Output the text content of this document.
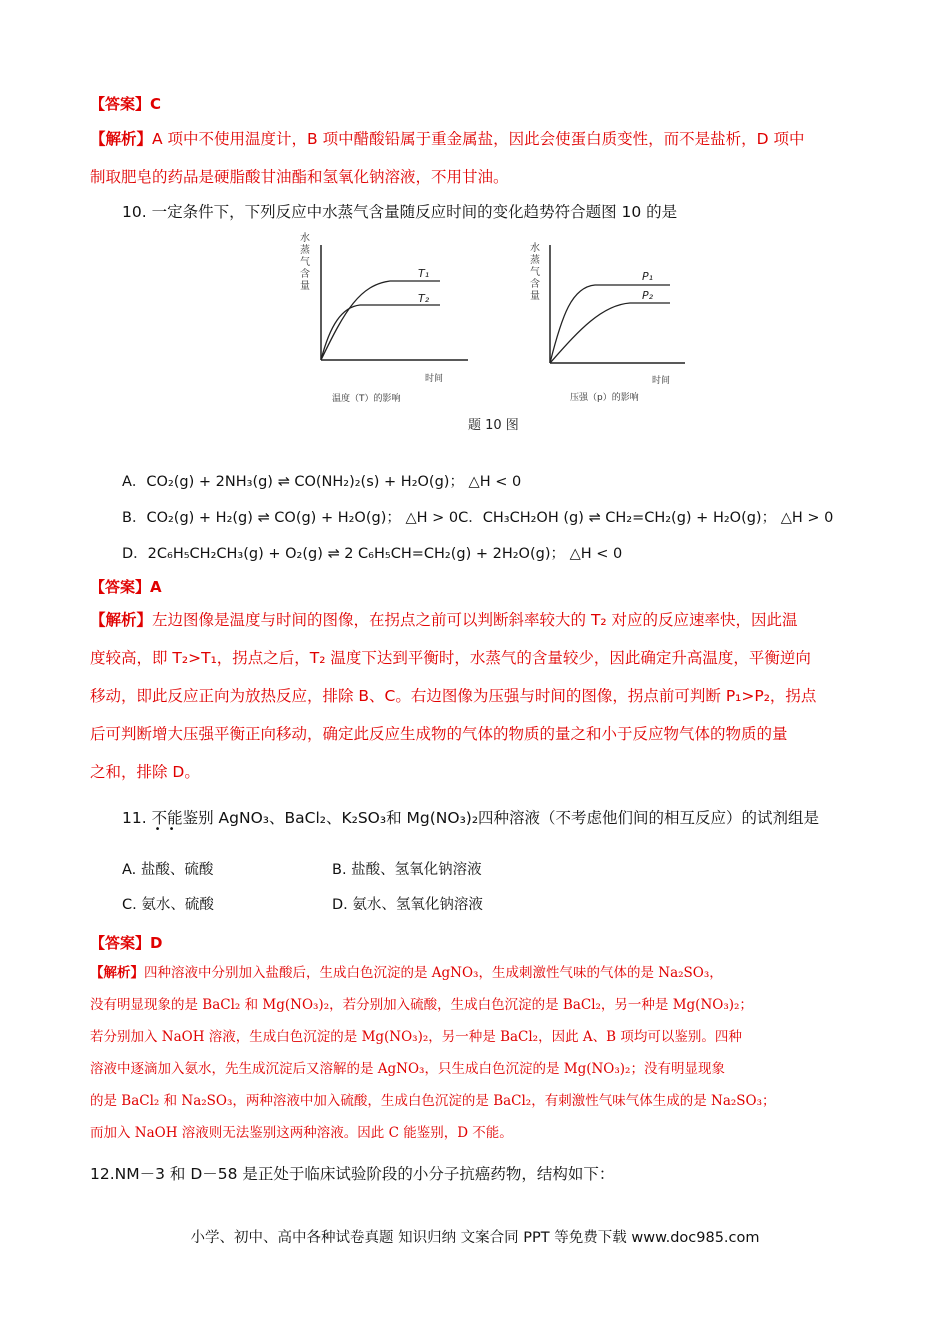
【答案】C
【解析】A 项中不使用温度计，B 项中醋酸铅属于重金属盐，因此会使蛋白质变性，而不是盐析，D 项中
制取肥皂的药品是硬脂酸甘油酯和氢氧化钠溶液，不用甘油。
10. 一定条件下，下列反应中水蒸气含量随反应时间的变化趋势符合题图 10 的是
水蒸气含量
T₁
T₂
时间
温度（T）的影响
水蒸气含量
P₁
P₂
时间
压强（p）的影响
题 10 图
A．CO₂(g) + 2NH₃(g) ⇌ CO(NH₂)₂(s) + H₂O(g)； △H < 0
B．CO₂(g) + H₂(g) ⇌ CO(g) + H₂O(g)； △H > 0C．CH₃CH₂OH (g) ⇌ CH₂=CH₂(g) + H₂O(g)； △H > 0
D．2C₆H₅CH₂CH₃(g) + O₂(g) ⇌ 2 C₆H₅CH=CH₂(g) + 2H₂O(g)； △H < 0
【答案】A
【解析】左边图像是温度与时间的图像，在拐点之前可以判断斜率较大的 T₂ 对应的反应速率快，因此温
度较高，即 T₂>T₁，拐点之后，T₂ 温度下达到平衡时，水蒸气的含量较少，因此确定升高温度，平衡逆向
移动，即此反应正向为放热反应，排除 B、C。右边图像为压强与时间的图像，拐点前可判断 P₁>P₂，拐点
后可判断增大压强平衡正向移动，确定此反应生成物的气体的物质的量之和小于反应物气体的物质的量
之和，排除 D。
11. 不能
• •
鉴别 AgNO₃、BaCl₂、K₂SO₃和 Mg(NO₃)₂四种溶液（不考虑他们间的相互反应）的试剂组是
A. 盐酸、硫酸	B. 盐酸、氢氧化钠溶液
C. 氨水、硫酸	D. 氨水、氢氧化钠溶液
【答案】D
【解析】四种溶液中分别加入盐酸后，生成白色沉淀的是 AgNO₃，生成刺激性气味的气体的是 Na₂SO₃，
没有明显现象的是 BaCl₂ 和 Mg(NO₃)₂，若分别加入硫酸，生成白色沉淀的是 BaCl₂，另一种是 Mg(NO₃)₂；
若分别加入 NaOH 溶液，生成白色沉淀的是 Mg(NO₃)₂，另一种是 BaCl₂，因此 A、B 项均可以鉴别。四种
溶液中逐滴加入氨水，先生成沉淀后又溶解的是 AgNO₃，只生成白色沉淀的是 Mg(NO₃)₂；没有明显现象
的是 BaCl₂ 和 Na₂SO₃，两种溶液中加入硫酸，生成白色沉淀的是 BaCl₂，有刺激性气味气体生成的是 Na₂SO₃；
而加入 NaOH 溶液则无法鉴别这两种溶液。因此 C 能鉴别，D 不能。
12.NM－3 和 D－58 是正处于临床试验阶段的小分子抗癌药物，结构如下：
小学、初中、高中各种试卷真题 知识归纳 文案合同 PPT 等免费下载 www.doc985.com
